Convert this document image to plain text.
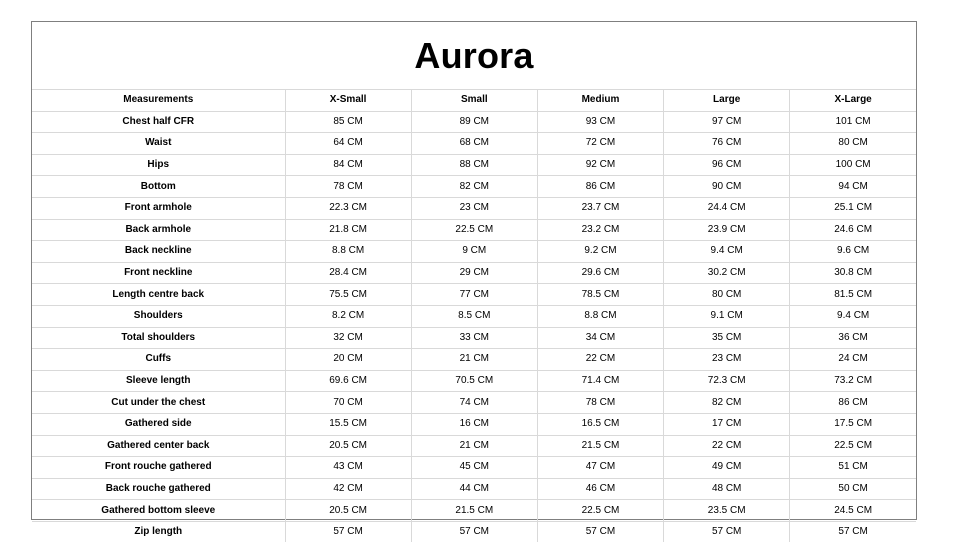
Aurora
Measurements	X-Small	Small	Medium	Large	X-Large
Chest half CFR	85 CM	89 CM	93 CM	97 CM	101 CM
Waist	64 CM	68 CM	72 CM	76 CM	80 CM
Hips	84 CM	88 CM	92 CM	96 CM	100 CM
Bottom	78 CM	82 CM	86 CM	90 CM	94 CM
Front armhole	22.3 CM	23 CM	23.7 CM	24.4 CM	25.1 CM
Back armhole	21.8 CM	22.5 CM	23.2 CM	23.9 CM	24.6 CM
Back neckline	8.8 CM	9 CM	9.2 CM	9.4 CM	9.6 CM
Front neckline	28.4 CM	29 CM	29.6 CM	30.2 CM	30.8 CM
Length centre back	75.5 CM	77 CM	78.5 CM	80 CM	81.5 CM
Shoulders	8.2 CM	8.5 CM	8.8 CM	9.1 CM	9.4 CM
Total shoulders	32 CM	33 CM	34 CM	35 CM	36 CM
Cuffs	20 CM	21 CM	22 CM	23 CM	24 CM
Sleeve length	69.6 CM	70.5 CM	71.4 CM	72.3 CM	73.2 CM
Cut under the chest	70 CM	74 CM	78 CM	82 CM	86 CM
Gathered side	15.5 CM	16 CM	16.5 CM	17 CM	17.5 CM
Gathered center back	20.5 CM	21 CM	21.5 CM	22 CM	22.5 CM
Front rouche gathered	43 CM	45 CM	47 CM	49 CM	51 CM
Back rouche gathered	42 CM	44 CM	46 CM	48 CM	50 CM
Gathered bottom sleeve	20.5 CM	21.5 CM	22.5 CM	23.5 CM	24.5 CM
Zip length	57 CM	57 CM	57 CM	57 CM	57 CM
